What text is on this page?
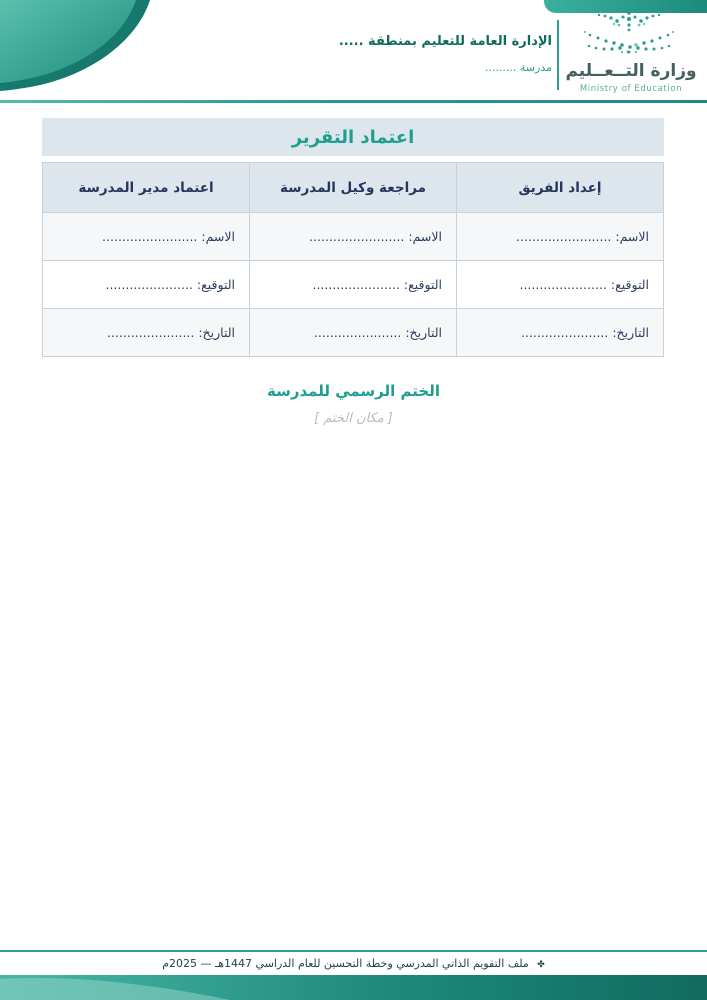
الإدارة العامة للتعليم بمنطقة .....
مدرسة ......... وزارة التــعــليم
Ministry of Education
اعتماد التقرير
إعداد الفريق	مراجعة وكيل المدرسة	اعتماد مدير المدرسة
الاسم: ........................	الاسم: ........................	الاسم: ........................
التوقيع: ......................	التوقيع: ......................	التوقيع: ......................
التاريخ: ......................	التاريخ: ......................	التاريخ: ......................
الختم الرسمي للمدرسة
[ مكان الختم ]
✤ ملف التقويم الذاتي المدرسي وخطة التحسين للعام الدراسي 1447هـ — 2025م
